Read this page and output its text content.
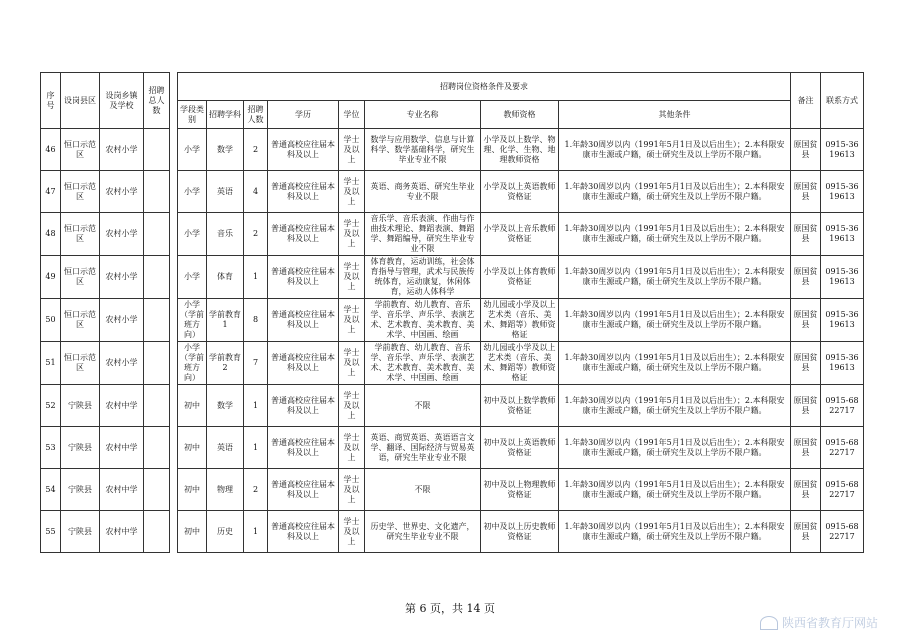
序号	设岗县区	设岗乡镇及学校	招聘总人数		招聘岗位资格条件及要求								备注	联系方式
					学段类别	招聘学科	招聘人数	学历	学位	专业名称	教师资格	其他条件		

46	恒口示范区	农村小学			小学	数学	2	普通高校应往届本科及以上	学士及以上	数学与应用数学、信息与计算科学、数学基础科学，研究生毕业专业不限	小学及以上数学、物理、化学、生物、地理教师资格	1.年龄30周岁以内（1991年5月1日及以后出生）；2.本科限安康市生源或户籍，硕士研究生及以上学历不限户籍。	原国贫县	0915-3619613

47	恒口示范区	农村小学			小学	英语	4	普通高校应往届本科及以上	学士及以上	英语、商务英语、研究生毕业专业不限	小学及以上英语教师资格证	1.年龄30周岁以内（1991年5月1日及以后出生）；2.本科限安康市生源或户籍，硕士研究生及以上学历不限户籍。	原国贫县	0915-3619613

48	恒口示范区	农村小学			小学	音乐	2	普通高校应往届本科及以上	学士及以上	音乐学、音乐表演、作曲与作曲技术理论、舞蹈表演、舞蹈学、舞蹈编导，研究生毕业专业不限	小学及以上音乐教师资格证	1.年龄30周岁以内（1991年5月1日及以后出生）；2.本科限安康市生源或户籍，硕士研究生及以上学历不限户籍。	原国贫县	0915-3619613

49	恒口示范区	农村小学			小学	体育	1	普通高校应往届本科及以上	学士及以上	体育教育，运动训练，社会体育指导与管理，武术与民族传统体育，运动康复，休闲体育，运动人体科学	小学及以上体育教师资格证	1.年龄30周岁以内（1991年5月1日及以后出生）；2.本科限安康市生源或户籍，硕士研究生及以上学历不限户籍。	原国贫县	0915-3619613

50	恒口示范区	农村小学			小学（学前班方向）	学前教育1	8	普通高校应往届本科及以上	学士及以上	学前教育、幼儿教育、音乐学、音乐学、声乐学、表演艺术、艺术教育、美术教育、美术学、中国画、绘画	幼儿园或小学及以上艺术类（音乐、美术、舞蹈等）教师资格证	1.年龄30周岁以内（1991年5月1日及以后出生）；2.本科限安康市生源或户籍，硕士研究生及以上学历不限户籍。	原国贫县	0915-3619613

51	恒口示范区	农村小学			小学（学前班方向）	学前教育2	7	普通高校应往届本科及以上	学士及以上	学前教育、幼儿教育、音乐学、音乐学、声乐学、表演艺术、艺术教育、美术教育、美术学、中国画、绘画	幼儿园或小学及以上艺术类（音乐、美术、舞蹈等）教师资格证	1.年龄30周岁以内（1991年5月1日及以后出生）；2.本科限安康市生源或户籍，硕士研究生及以上学历不限户籍。	原国贫县	0915-3619613

52	宁陕县	农村中学			初中	数学	1	普通高校应往届本科及以上	学士及以上	不限	初中及以上数学教师资格证	1.年龄30周岁以内（1991年5月1日及以后出生）；2.本科限安康市生源或户籍，硕士研究生及以上学历不限户籍。	原国贫县	0915-6822717

53	宁陕县	农村中学			初中	英语	1	普通高校应往届本科及以上	学士及以上	英语、商贸英语、英语语言文学、翻译、国际经济与贸易英语，研究生毕业专业不限	初中及以上英语教师资格证	1.年龄30周岁以内（1991年5月1日及以后出生）；2.本科限安康市生源或户籍，硕士研究生及以上学历不限户籍。	原国贫县	0915-6822717

54	宁陕县	农村中学			初中	物理	2	普通高校应往届本科及以上	学士及以上	不限	初中及以上物理教师资格证	1.年龄30周岁以内（1991年5月1日及以后出生）；2.本科限安康市生源或户籍，硕士研究生及以上学历不限户籍。	原国贫县	0915-6822717

55	宁陕县	农村中学			初中	历史	1	普通高校应往届本科及以上	学士及以上	历史学、世界史、文化遗产，研究生毕业专业不限	初中及以上历史教师资格证	1.年龄30周岁以内（1991年5月1日及以后出生）；2.本科限安康市生源或户籍，硕士研究生及以上学历不限户籍。	原国贫县	0915-6822717
第 6 页，共 14 页
陕西省教育厅网站
